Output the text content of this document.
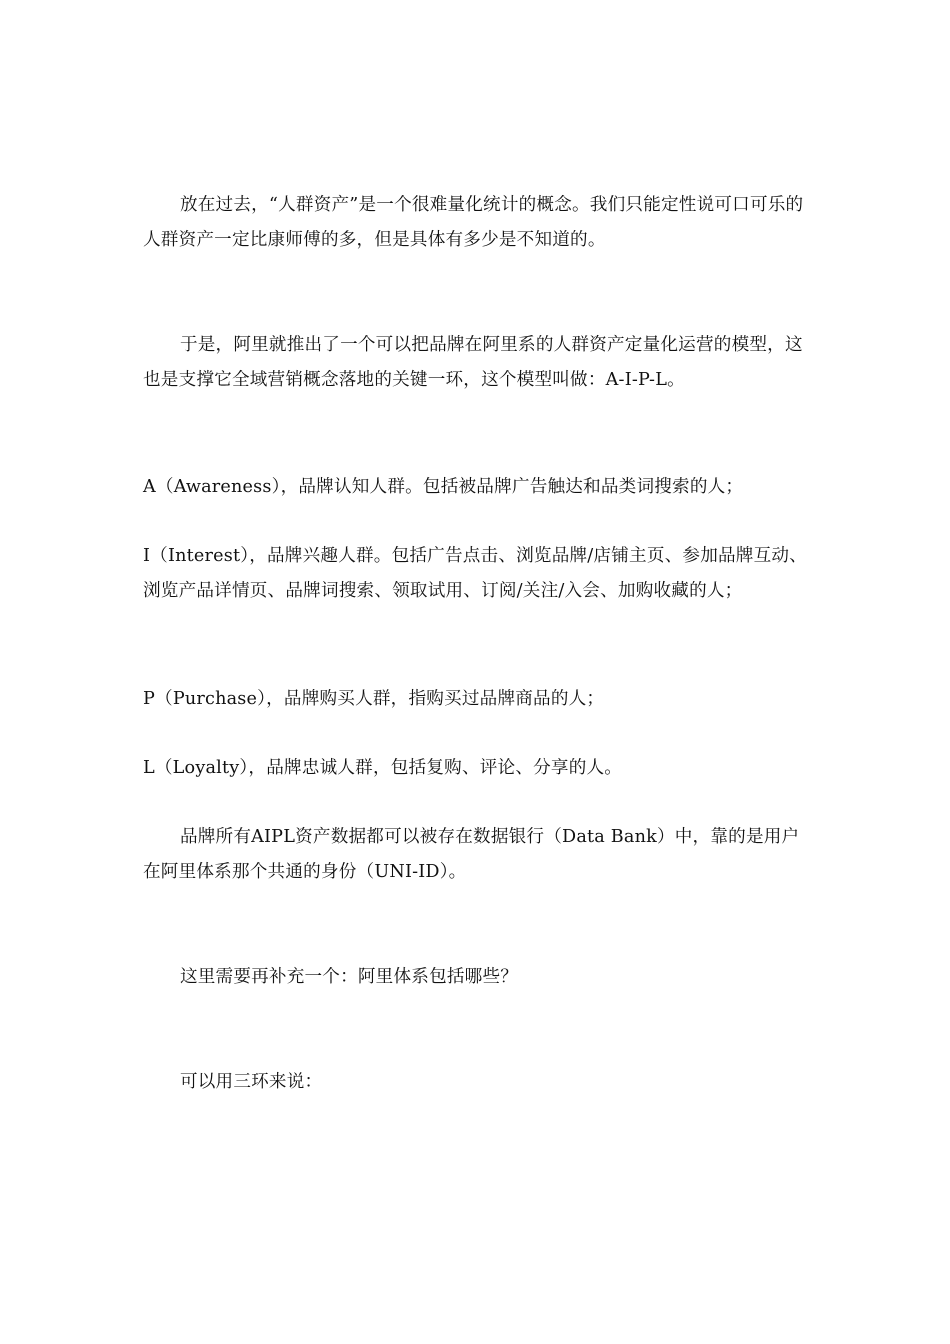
放在过去，“人群资产”是一个很难量化统计的概念。我们只能定性说可口可乐的人群资产一定比康师傅的多，但是具体有多少是不知道的。

于是，阿里就推出了一个可以把品牌在阿里系的人群资产定量化运营的模型，这也是支撑它全域营销概念落地的关键一环，这个模型叫做：A-I-P-L。

A（Awareness），品牌认知人群。包括被品牌广告触达和品类词搜索的人；

I（Interest），品牌兴趣人群。包括广告点击、浏览品牌/店铺主页、参加品牌互动、浏览产品详情页、品牌词搜索、领取试用、订阅/关注/入会、加购收藏的人；

P（Purchase），品牌购买人群，指购买过品牌商品的人；

L（Loyalty），品牌忠诚人群，包括复购、评论、分享的人。

品牌所有AIPL资产数据都可以被存在数据银行（Data Bank）中，靠的是用户在阿里体系那个共通的身份（UNI-ID）。

这里需要再补充一个：阿里体系包括哪些？

可以用三环来说：
